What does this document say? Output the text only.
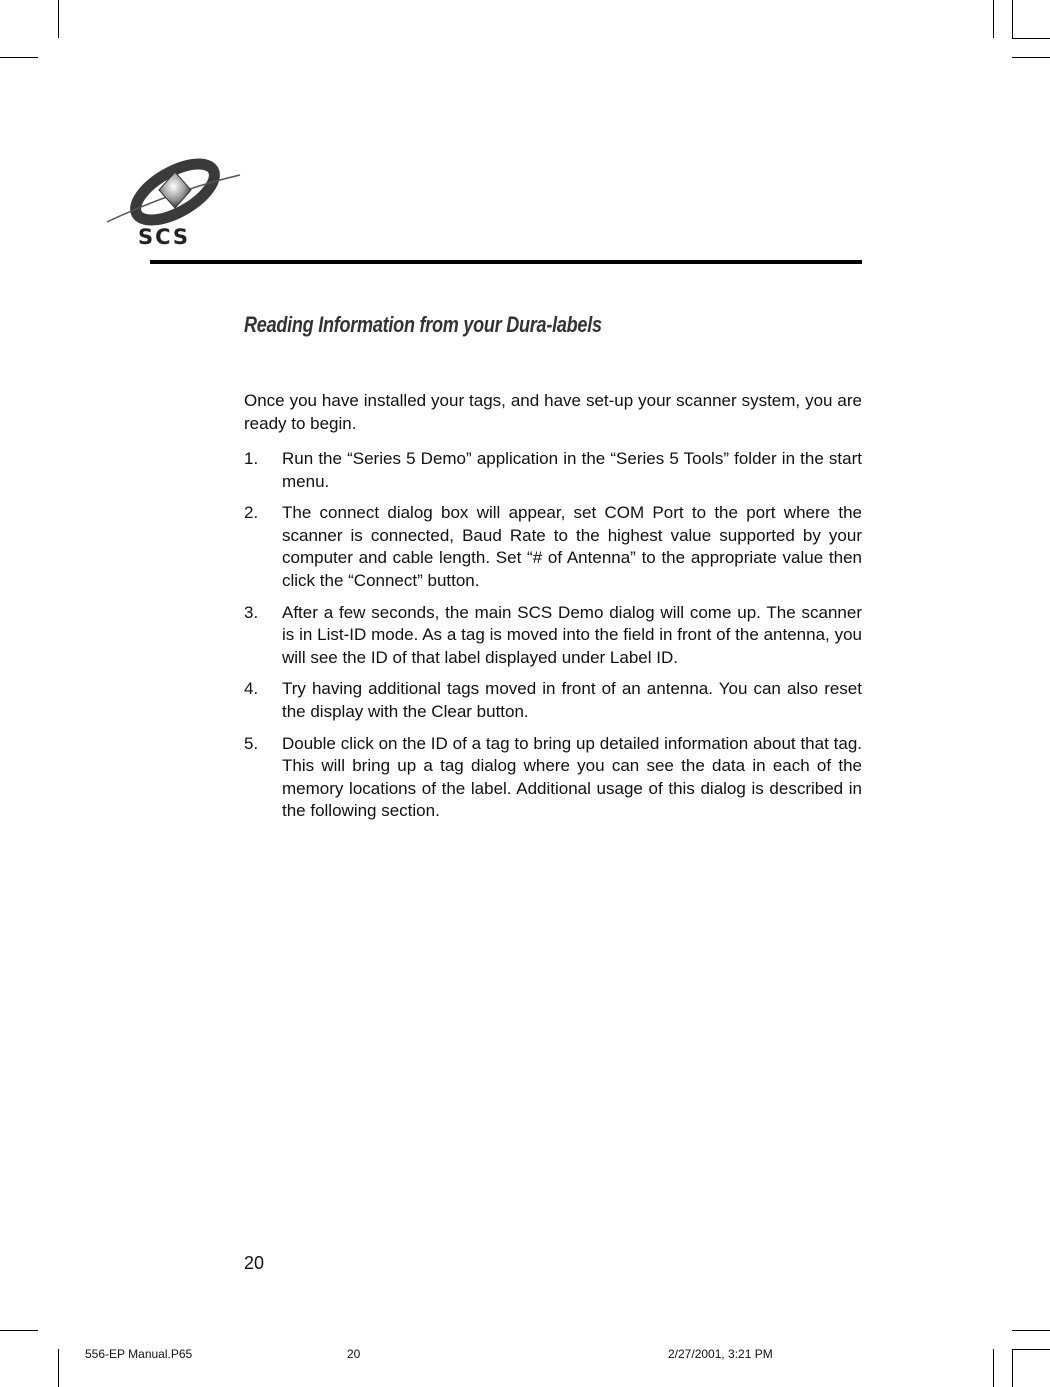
SCS
Reading Information from your Dura-labels
Once you have installed your tags, and have set-up your scanner system, you are ready to begin.
1. Run the “Series 5 Demo” application in the “Series 5 Tools” folder in the start menu.
2. The connect dialog box will appear, set COM Port to the port where the scanner is connected, Baud Rate to the highest value supported by your computer and cable length. Set “# of Antenna” to the appropriate value then click the “Connect” button.
3. After a few seconds, the main SCS Demo dialog will come up. The scanner is in List-ID mode. As a tag is moved into the field in front of the antenna, you will see the ID of that label displayed under Label ID.
4. Try having additional tags moved in front of an antenna. You can also reset the display with the Clear button.
5. Double click on the ID of a tag to bring up detailed information about that tag. This will bring up a tag dialog where you can see the data in each of the memory locations of the label. Additional usage of this dialog is described in the following section.
20
556-EP Manual.P65	20	2/27/2001, 3:21 PM
